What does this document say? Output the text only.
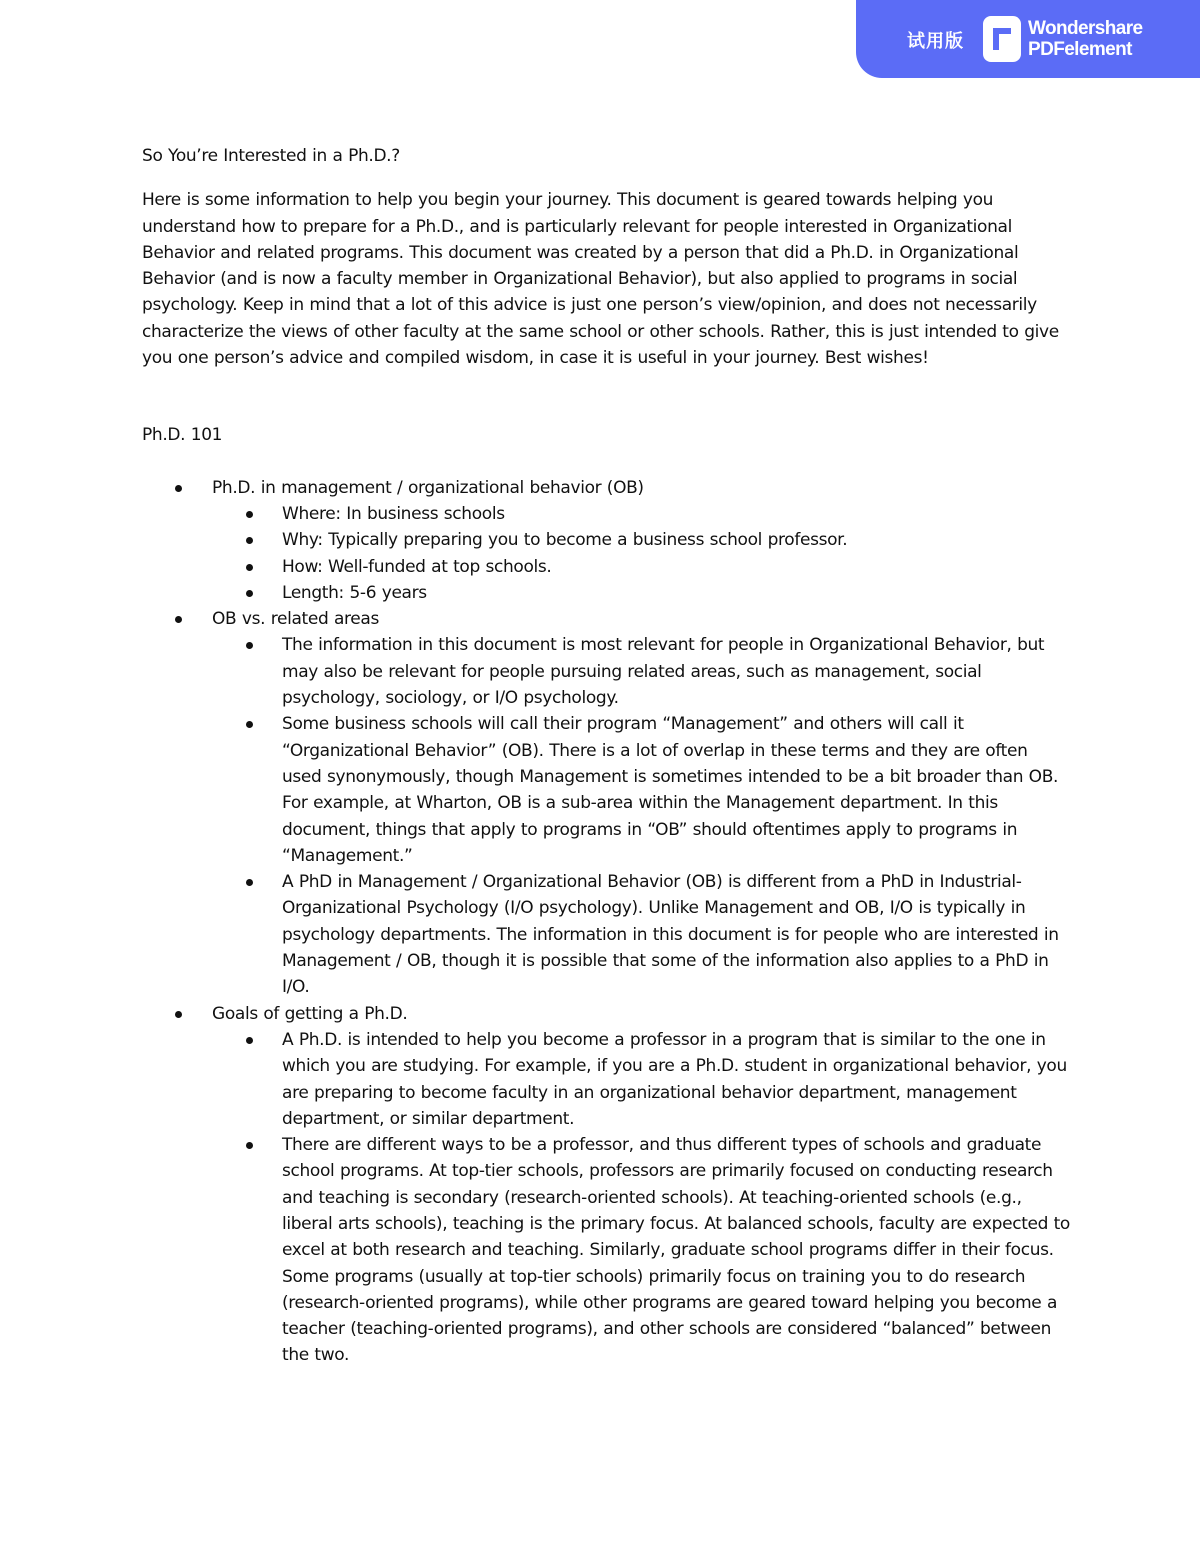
试用版
Wondershare
PDFelement

So You’re Interested in a Ph.D.?

Here is some information to help you begin your journey. This document is geared towards helping you understand how to prepare for a Ph.D., and is particularly relevant for people interested in Organizational Behavior and related programs. This document was created by a person that did a Ph.D. in Organizational Behavior (and is now a faculty member in Organizational Behavior), but also applied to programs in social psychology. Keep in mind that a lot of this advice is just one person’s view/opinion, and does not necessarily characterize the views of other faculty at the same school or other schools. Rather, this is just intended to give you one person’s advice and compiled wisdom, in case it is useful in your journey. Best wishes!

Ph.D. 101

Ph.D. in management / organizational behavior (OB)
Where: In business schools
Why: Typically preparing you to become a business school professor.
How: Well-funded at top schools.
Length: 5-6 years
OB vs. related areas
The information in this document is most relevant for people in Organizational Behavior, but may also be relevant for people pursuing related areas, such as management, social psychology, sociology, or I/O psychology.
Some business schools will call their program “Management” and others will call it “Organizational Behavior” (OB). There is a lot of overlap in these terms and they are often used synonymously, though Management is sometimes intended to be a bit broader than OB. For example, at Wharton, OB is a sub-area within the Management department. In this document, things that apply to programs in “OB” should oftentimes apply to programs in “Management.”
A PhD in Management / Organizational Behavior (OB) is different from a PhD in Industrial-Organizational Psychology (I/O psychology). Unlike Management and OB, I/O is typically in psychology departments. The information in this document is for people who are interested in Management / OB, though it is possible that some of the information also applies to a PhD in I/O.
Goals of getting a Ph.D.
A Ph.D. is intended to help you become a professor in a program that is similar to the one in which you are studying. For example, if you are a Ph.D. student in organizational behavior, you are preparing to become faculty in an organizational behavior department, management department, or similar department.
There are different ways to be a professor, and thus different types of schools and graduate school programs. At top-tier schools, professors are primarily focused on conducting research and teaching is secondary (research-oriented schools). At teaching-oriented schools (e.g., liberal arts schools), teaching is the primary focus. At balanced schools, faculty are expected to excel at both research and teaching. Similarly, graduate school programs differ in their focus. Some programs (usually at top-tier schools) primarily focus on training you to do research (research-oriented programs), while other programs are geared toward helping you become a teacher (teaching-oriented programs), and other schools are considered “balanced” between the two.
